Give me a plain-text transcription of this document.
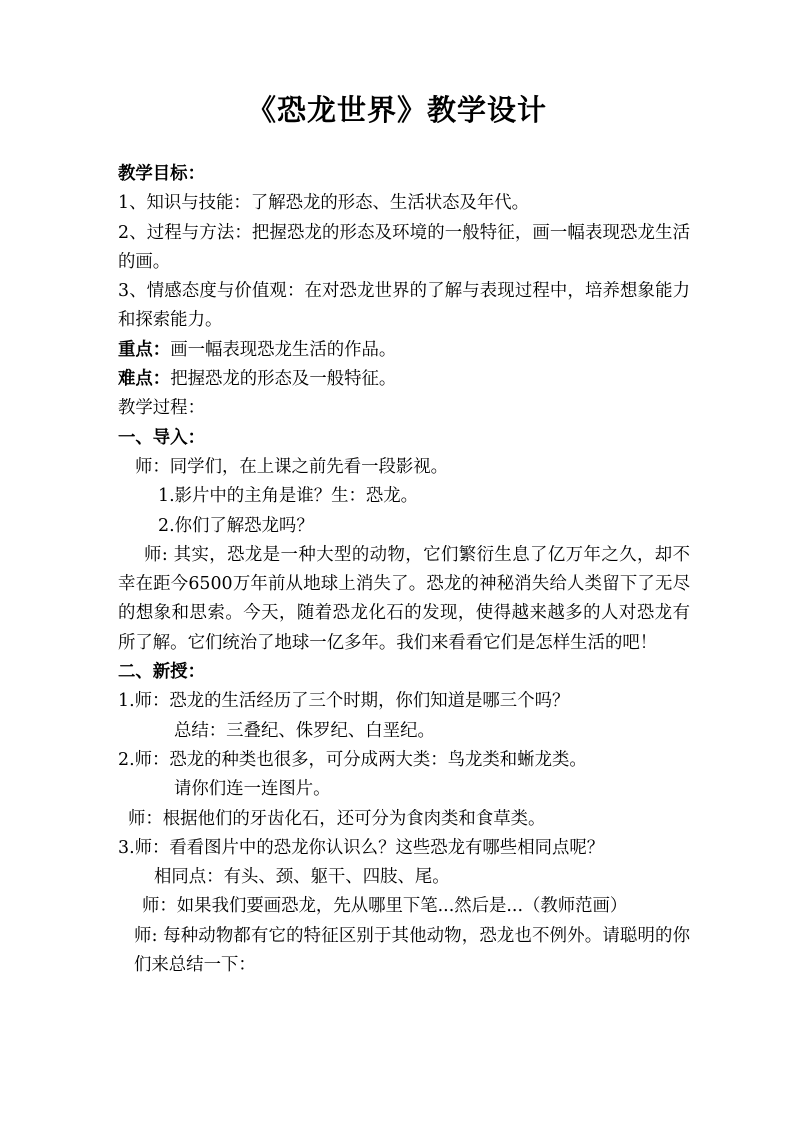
《恐龙世界》教学设计
教学目标：
1、知识与技能：了解恐龙的形态、生活状态及年代。
2、过程与方法：把握恐龙的形态及环境的一般特征，画一幅表现恐龙生活的画。
3、情感态度与价值观：在对恐龙世界的了解与表现过程中，培养想象能力和探索能力。
重点：画一幅表现恐龙生活的作品。
难点：把握恐龙的形态及一般特征。
教学过程：
一、导入：
师：同学们，在上课之前先看一段影视。
1.影片中的主角是谁？生：恐龙。
2.你们了解恐龙吗？
师: 其实，恐龙是一种大型的动物，它们繁衍生息了亿万年之久，却不幸在距今6500万年前从地球上消失了。恐龙的神秘消失给人类留下了无尽的想象和思索。今天，随着恐龙化石的发现，使得越来越多的人对恐龙有所了解。它们统治了地球一亿多年。我们来看看它们是怎样生活的吧！
二、新授：
1.师：恐龙的生活经历了三个时期，你们知道是哪三个吗？
总结：三叠纪、侏罗纪、白垩纪。
2.师：恐龙的种类也很多，可分成两大类：鸟龙类和蜥龙类。
请你们连一连图片。
师：根据他们的牙齿化石，还可分为食肉类和食草类。
3.师：看看图片中的恐龙你认识么？这些恐龙有哪些相同点呢？
相同点：有头、颈、躯干、四肢、尾。
师：如果我们要画恐龙，先从哪里下笔...然后是...（教师范画）
师: 每种动物都有它的特征区别于其他动物，恐龙也不例外。请聪明的你们来总结一下：
